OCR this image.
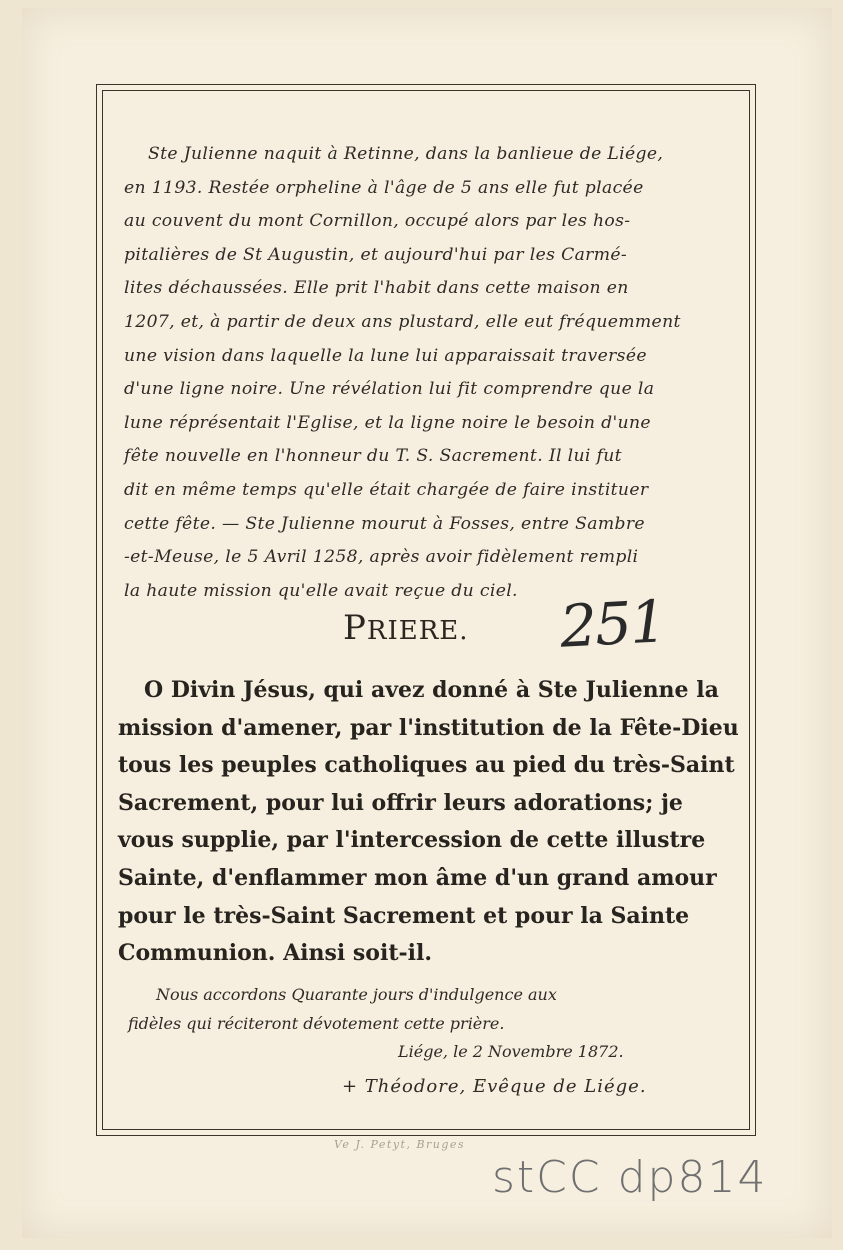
Ste Julienne naquit à Retinne, dans la banlieue de Liége,
en 1193. Restée orpheline à l'âge de 5 ans elle fut placée
au couvent du mont Cornillon, occupé alors par les hos-
pitalières de St Augustin, et aujourd'hui par les Carmé-
lites déchaussées. Elle prit l'habit dans cette maison en
1207, et, à partir de deux ans plustard, elle eut fréquemment
une vision dans laquelle la lune lui apparaissait traversée
d'une ligne noire. Une révélation lui fit comprendre que la
lune réprésentait l'Eglise, et la ligne noire le besoin d'une
fête nouvelle en l'honneur du T. S. Sacrement. Il lui fut
dit en même temps qu'elle était chargée de faire instituer
cette fête. — Ste Julienne mourut à Fosses, entre Sambre
-et-Meuse, le 5 Avril 1258, après avoir fidèlement rempli
la haute mission qu'elle avait reçue du ciel.
PRIERE. 251
O Divin Jésus, qui avez donné à Ste Julienne la
mission d'amener, par l'institution de la Fête-Dieu
tous les peuples catholiques au pied du très-Saint
Sacrement, pour lui offrir leurs adorations; je
vous supplie, par l'intercession de cette illustre
Sainte, d'enflammer mon âme d'un grand amour
pour le très-Saint Sacrement et pour la Sainte
Communion. Ainsi soit-il.
Nous accordons Quarante jours d'indulgence aux
fidèles qui réciteront dévotement cette prière.
Liége, le 2 Novembre 1872.
+ Théodore, Evêque de Liége.
Ve J. Petyt, Bruges
stCC dp814
